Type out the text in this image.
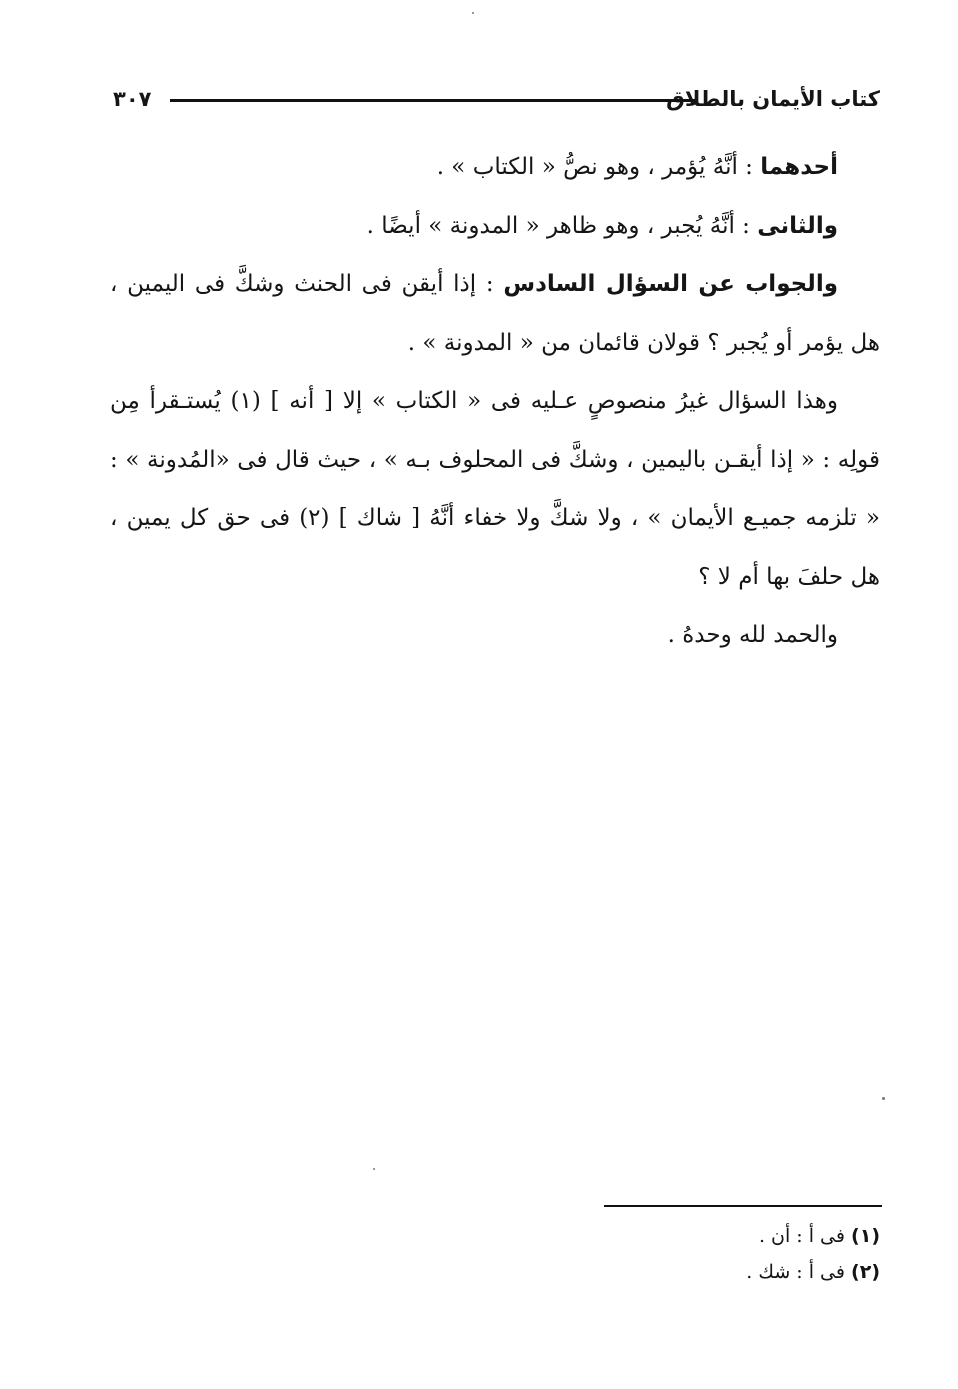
كتاب الأيمان بالطلاق
٣٠٧

أحدهما : أنَّهُ يُؤمر ، وهو نصُّ « الكتاب » .

والثانى : أنَّهُ يُجبر ، وهو ظاهر « المدونة » أيضًا .

والجواب عن السؤال السادس : إذا أيقن فى الحنث وشكَّ فى اليمين ، هل يؤمر أو يُجبر ؟ قولان قائمان من « المدونة » .

وهذا السؤال غيرُ منصوصٍ عـليه فى « الكتاب » إلا [ أنه ] (١) يُستـقرأ مِن قولِه : « إذا أيقـن باليمين ، وشكَّ فى المحلوف بـه » ، حيث قال فى «المُدونة » : « تلزمه جميـع الأيمان » ، ولا شكَّ ولا خفاء أنَّهُ [ شاك ] (٢) فى حق كل يمين ، هل حلفَ بها أم لا ؟

والحمد لله وحدهُ .

(١) فى أ : أن .

(٢) فى أ : شك .
